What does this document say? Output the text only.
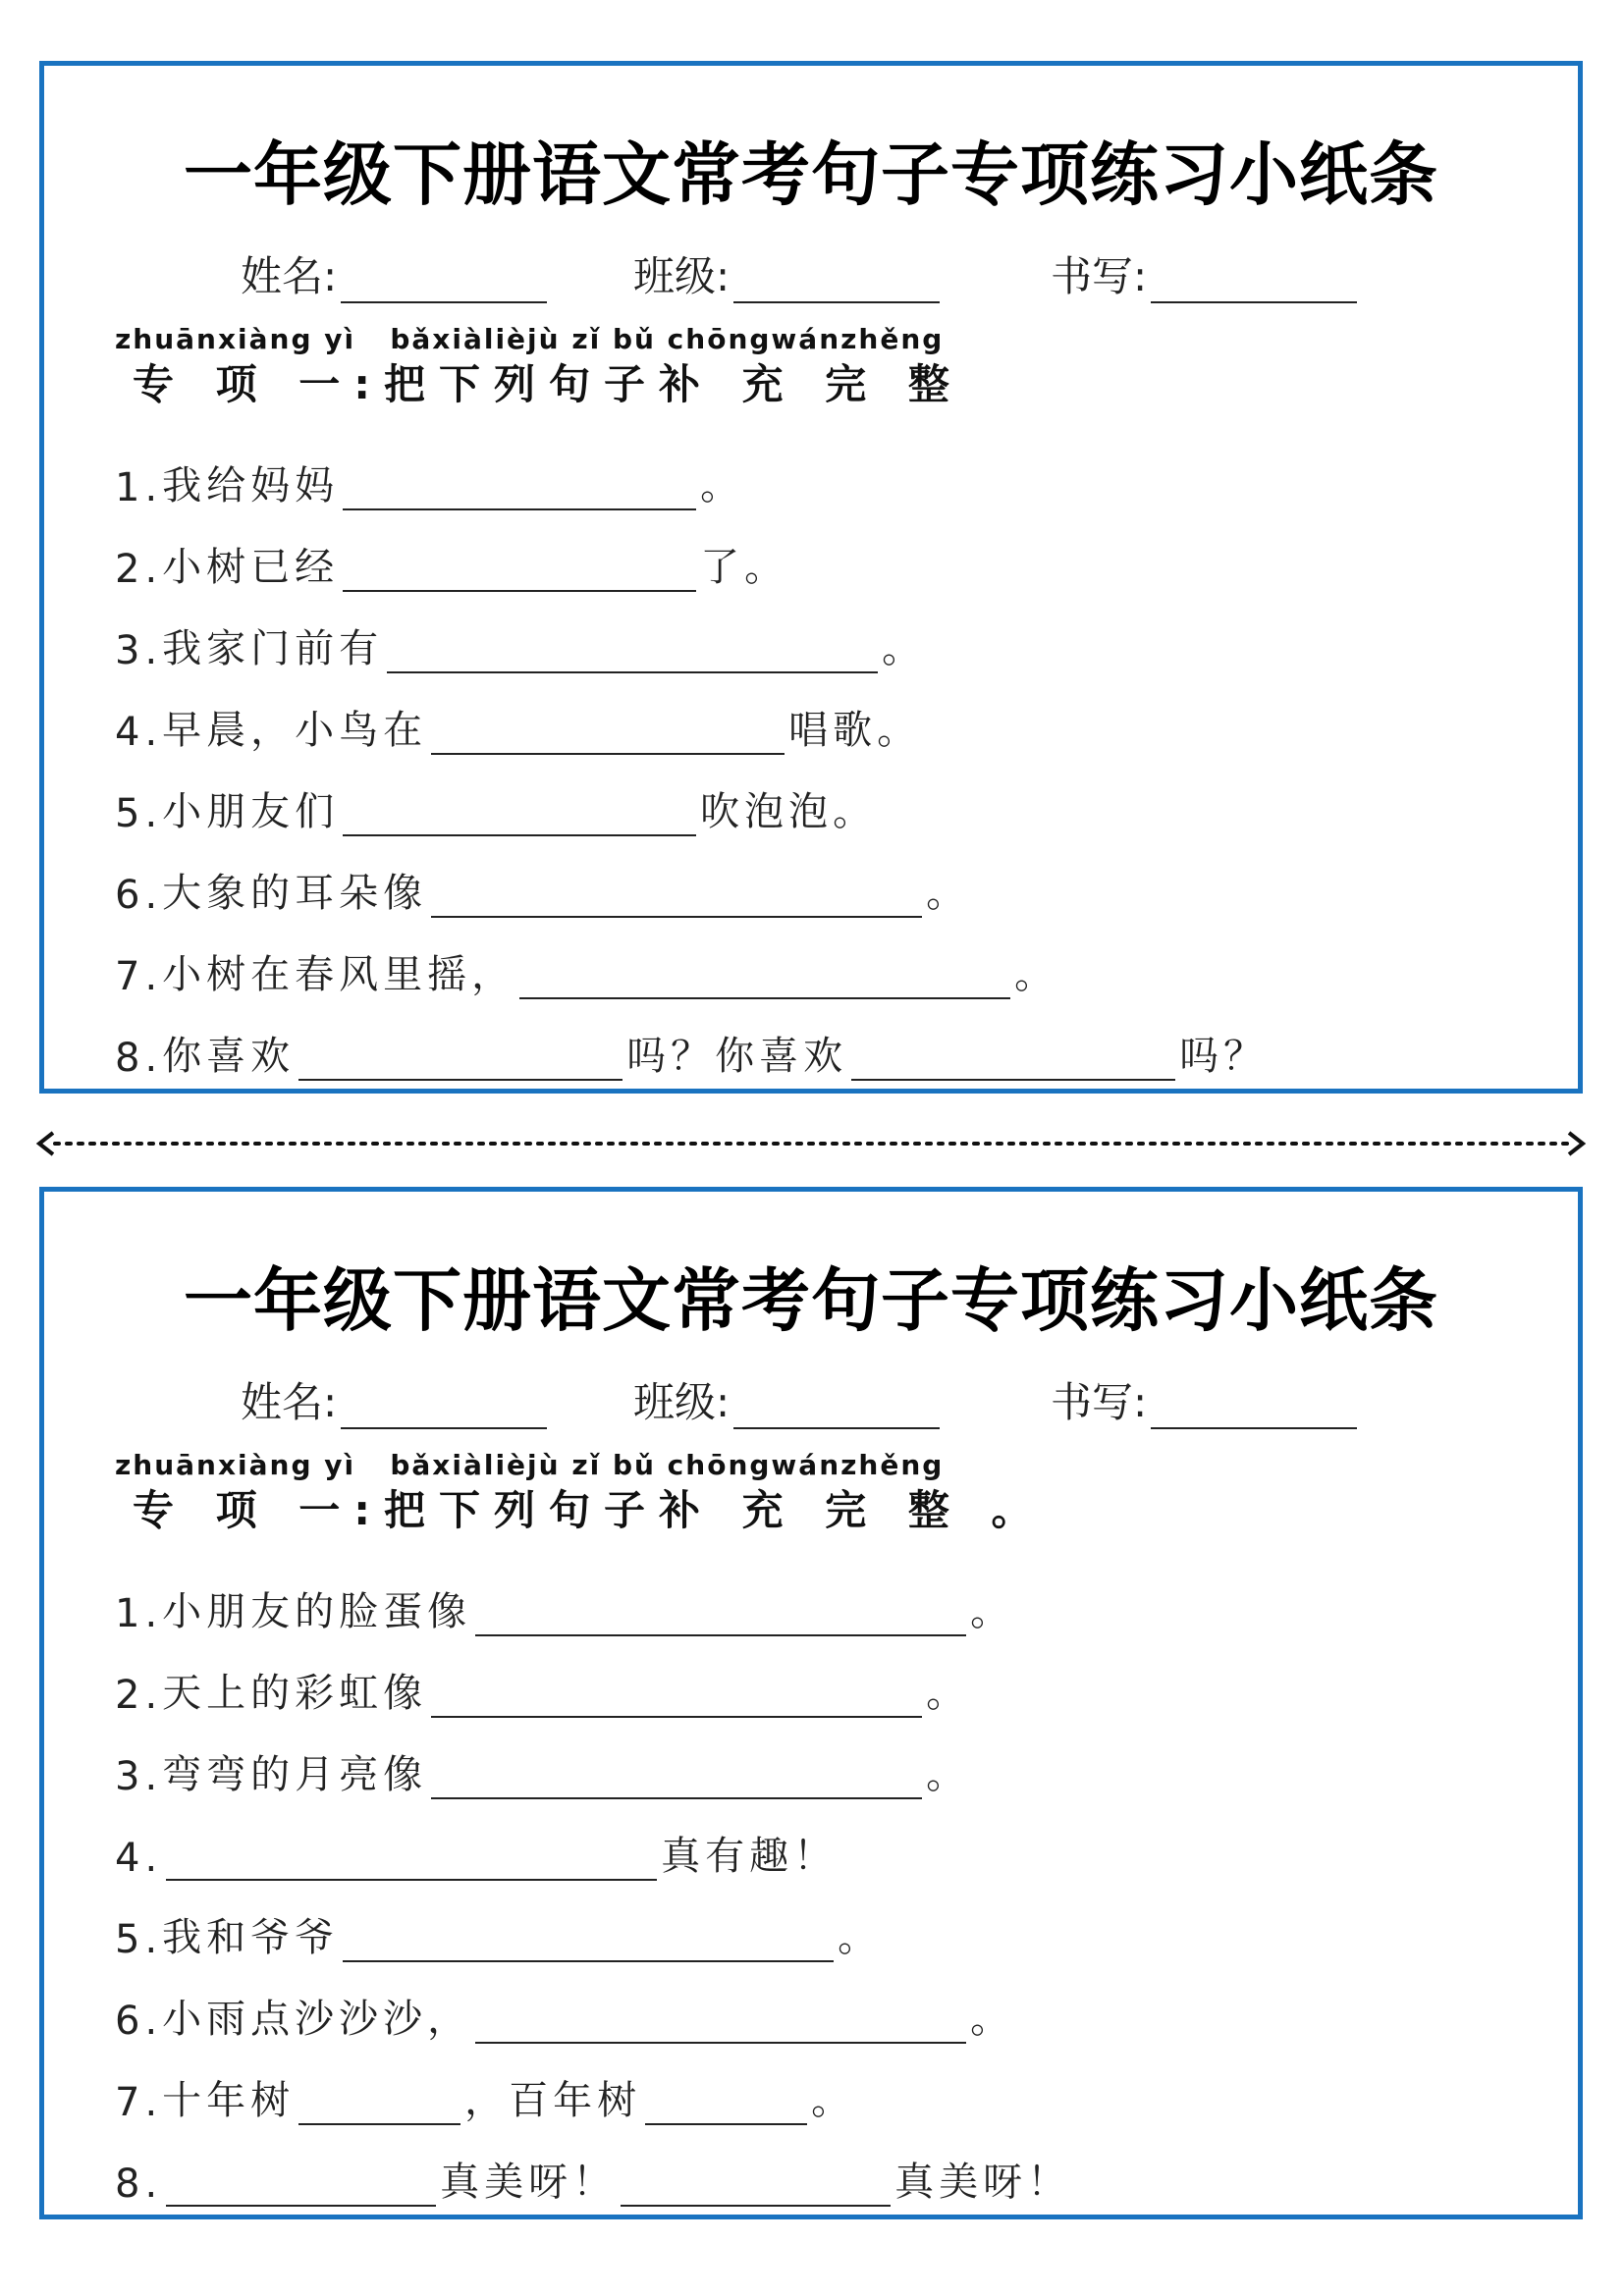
一年级下册语文常考句子专项练习小纸条
姓名:	班级:	书写:
zhuānxiàng yì   bǎxiàlièjù zǐ bǔ chōngwánzhěng
专 项 一:把下列句子补 充 完 整
1. 我给妈妈	。
2. 小树已经	了。
3. 我家门前有	。
4. 早晨，小鸟在	唱歌。
5. 小朋友们	吹泡泡。
6. 大象的耳朵像	。
7. 小树在春风里摇，	。
8. 你喜欢	吗？你喜欢	吗？
一年级下册语文常考句子专项练习小纸条
姓名:	班级:	书写:
zhuānxiàng yì   bǎxiàlièjù zǐ bǔ chōngwánzhěng
专 项 一:把下列句子补 充 完 整 。
1. 小朋友的脸蛋像	。
2. 天上的彩虹像	。
3. 弯弯的月亮像	。
4.	真有趣！
5. 我和爷爷	。
6. 小雨点沙沙沙，	。
7. 十年树	，百年树	。
8.	真美呀！	真美呀！
